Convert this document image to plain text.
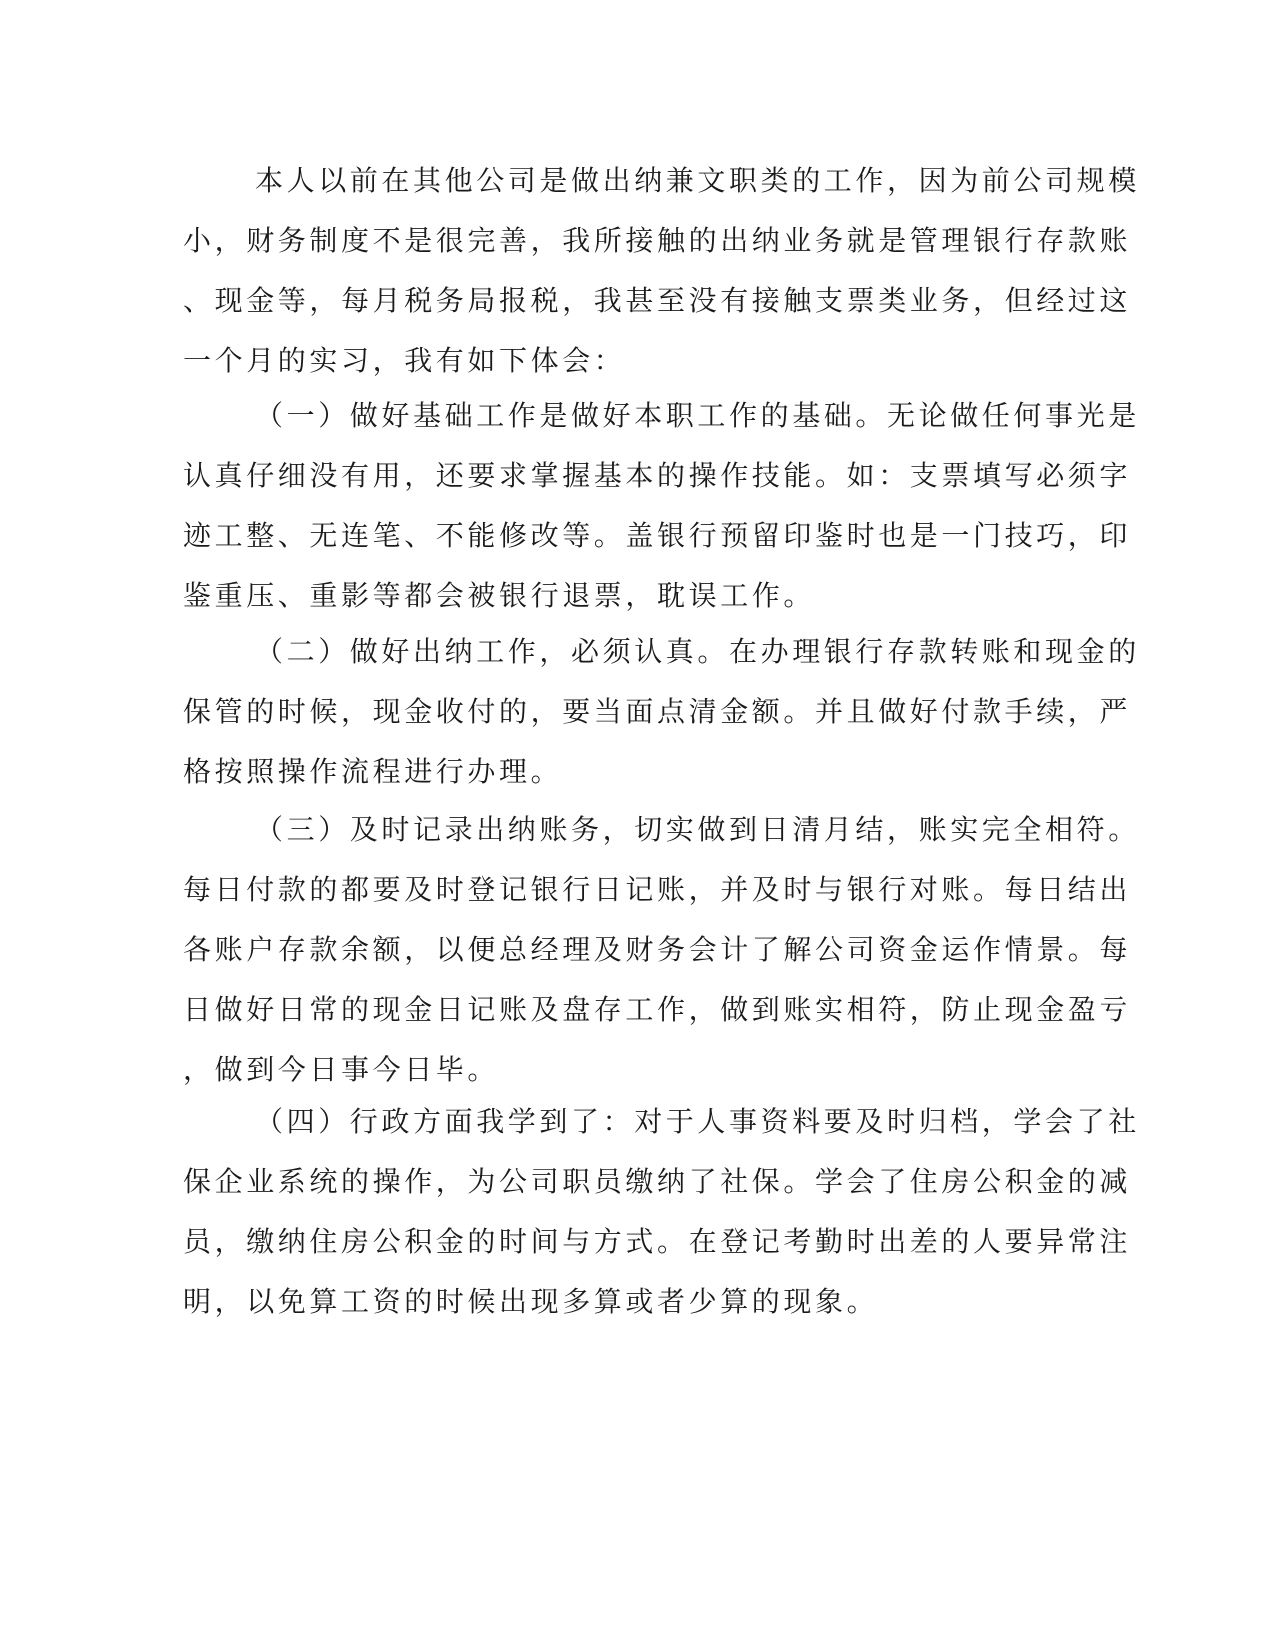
本人以前在其他公司是做出纳兼文职类的工作，因为前公司规模
小，财务制度不是很完善，我所接触的出纳业务就是管理银行存款账
、现金等，每月税务局报税，我甚至没有接触支票类业务，但经过这
一个月的实习，我有如下体会：
（一）做好基础工作是做好本职工作的基础。无论做任何事光是
认真仔细没有用，还要求掌握基本的操作技能。如：支票填写必须字
迹工整、无连笔、不能修改等。盖银行预留印鉴时也是一门技巧，印
鉴重压、重影等都会被银行退票，耽误工作。
（二）做好出纳工作，必须认真。在办理银行存款转账和现金的
保管的时候，现金收付的，要当面点清金额。并且做好付款手续，严
格按照操作流程进行办理。
（三）及时记录出纳账务，切实做到日清月结，账实完全相符。
每日付款的都要及时登记银行日记账，并及时与银行对账。每日结出
各账户存款余额，以便总经理及财务会计了解公司资金运作情景。每
日做好日常的现金日记账及盘存工作，做到账实相符，防止现金盈亏
，做到今日事今日毕。
（四）行政方面我学到了：对于人事资料要及时归档，学会了社
保企业系统的操作，为公司职员缴纳了社保。学会了住房公积金的减
员，缴纳住房公积金的时间与方式。在登记考勤时出差的人要异常注
明，以免算工资的时候出现多算或者少算的现象。
